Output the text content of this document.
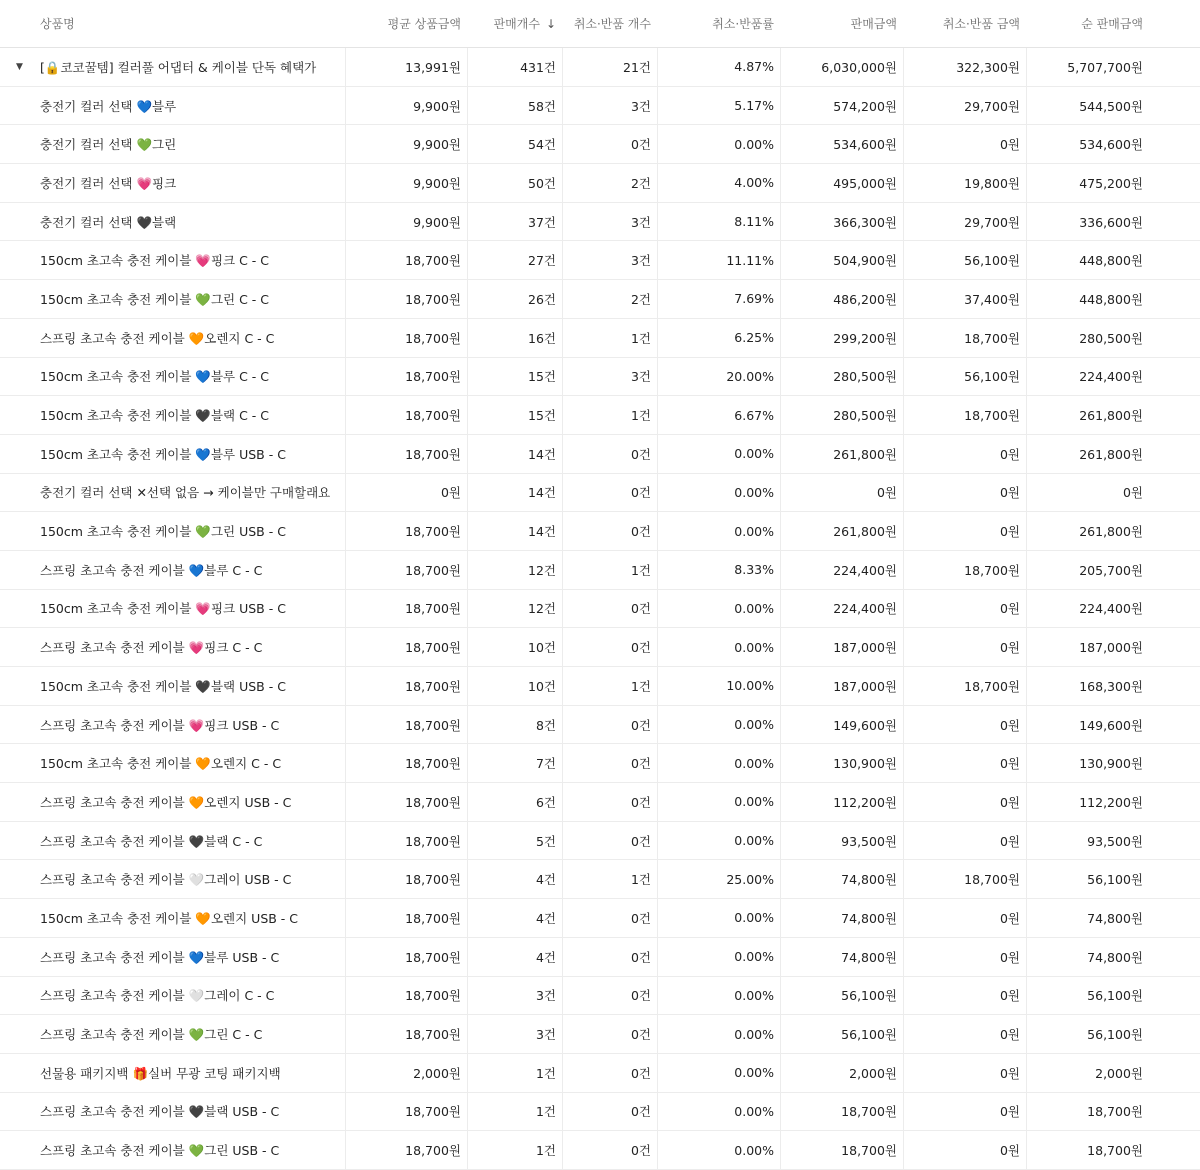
상품명	평균 상품금액	판매개수 ↓	취소·반품 개수	취소·반품률	판매금액	취소·반품 금액	순 판매금액
▼ [🔒코코꿀템] 컬러풀 어댑터 & 케이블 단독 혜택가	13,991원	431건	21건	4.87%	6,030,000원	322,300원	5,707,700원
충전기 컬러 선택 💙블루	9,900원	58건	3건	5.17%	574,200원	29,700원	544,500원
충전기 컬러 선택 💚그린	9,900원	54건	0건	0.00%	534,600원	0원	534,600원
충전기 컬러 선택 💗핑크	9,900원	50건	2건	4.00%	495,000원	19,800원	475,200원
충전기 컬러 선택 🖤블랙	9,900원	37건	3건	8.11%	366,300원	29,700원	336,600원
150cm 초고속 충전 케이블 💗핑크 C - C	18,700원	27건	3건	11.11%	504,900원	56,100원	448,800원
150cm 초고속 충전 케이블 💚그린 C - C	18,700원	26건	2건	7.69%	486,200원	37,400원	448,800원
스프링 초고속 충전 케이블 🧡오렌지 C - C	18,700원	16건	1건	6.25%	299,200원	18,700원	280,500원
150cm 초고속 충전 케이블 💙블루 C - C	18,700원	15건	3건	20.00%	280,500원	56,100원	224,400원
150cm 초고속 충전 케이블 🖤블랙 C - C	18,700원	15건	1건	6.67%	280,500원	18,700원	261,800원
150cm 초고속 충전 케이블 💙블루 USB - C	18,700원	14건	0건	0.00%	261,800원	0원	261,800원
충전기 컬러 선택 ✕선택 없음 → 케이블만 구매할래요	0원	14건	0건	0.00%	0원	0원	0원
150cm 초고속 충전 케이블 💚그린 USB - C	18,700원	14건	0건	0.00%	261,800원	0원	261,800원
스프링 초고속 충전 케이블 💙블루 C - C	18,700원	12건	1건	8.33%	224,400원	18,700원	205,700원
150cm 초고속 충전 케이블 💗핑크 USB - C	18,700원	12건	0건	0.00%	224,400원	0원	224,400원
스프링 초고속 충전 케이블 💗핑크 C - C	18,700원	10건	0건	0.00%	187,000원	0원	187,000원
150cm 초고속 충전 케이블 🖤블랙 USB - C	18,700원	10건	1건	10.00%	187,000원	18,700원	168,300원
스프링 초고속 충전 케이블 💗핑크 USB - C	18,700원	8건	0건	0.00%	149,600원	0원	149,600원
150cm 초고속 충전 케이블 🧡오렌지 C - C	18,700원	7건	0건	0.00%	130,900원	0원	130,900원
스프링 초고속 충전 케이블 🧡오렌지 USB - C	18,700원	6건	0건	0.00%	112,200원	0원	112,200원
스프링 초고속 충전 케이블 🖤블랙 C - C	18,700원	5건	0건	0.00%	93,500원	0원	93,500원
스프링 초고속 충전 케이블 🤍그레이 USB - C	18,700원	4건	1건	25.00%	74,800원	18,700원	56,100원
150cm 초고속 충전 케이블 🧡오렌지 USB - C	18,700원	4건	0건	0.00%	74,800원	0원	74,800원
스프링 초고속 충전 케이블 💙블루 USB - C	18,700원	4건	0건	0.00%	74,800원	0원	74,800원
스프링 초고속 충전 케이블 🤍그레이 C - C	18,700원	3건	0건	0.00%	56,100원	0원	56,100원
스프링 초고속 충전 케이블 💚그린 C - C	18,700원	3건	0건	0.00%	56,100원	0원	56,100원
선물용 패키지백 🎁실버 무광 코팅 패키지백	2,000원	1건	0건	0.00%	2,000원	0원	2,000원
스프링 초고속 충전 케이블 🖤블랙 USB - C	18,700원	1건	0건	0.00%	18,700원	0원	18,700원
스프링 초고속 충전 케이블 💚그린 USB - C	18,700원	1건	0건	0.00%	18,700원	0원	18,700원
